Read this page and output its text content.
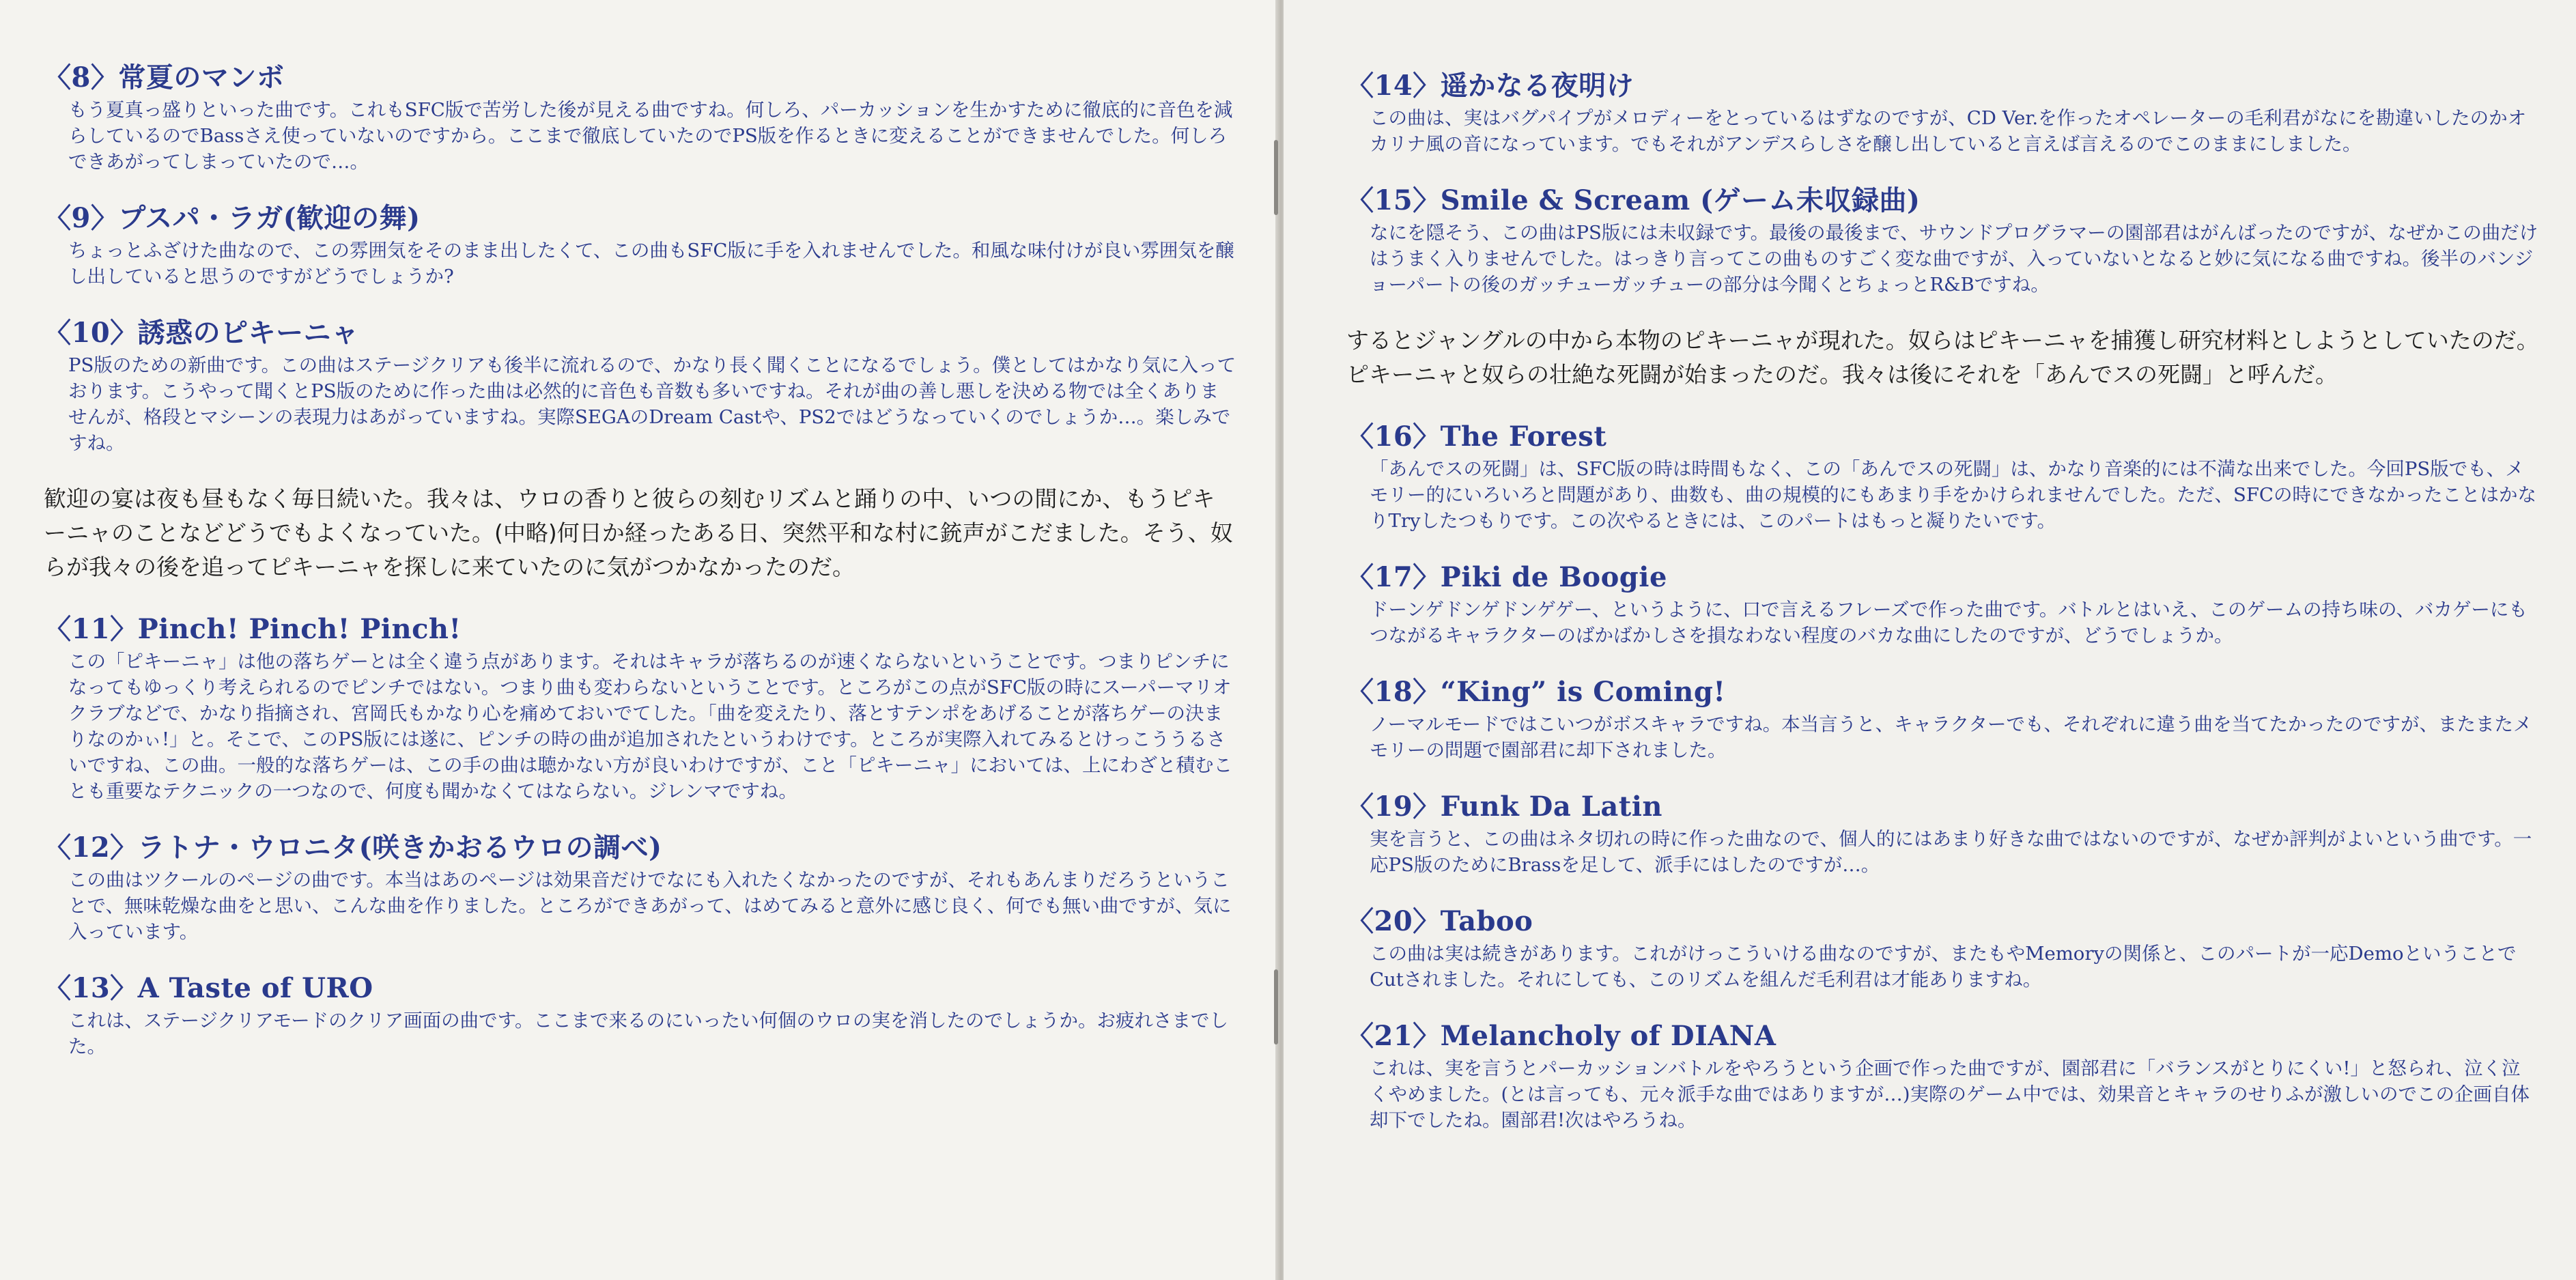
〈8〉常夏のマンボ

もう夏真っ盛りといった曲です。これもSFC版で苦労した後が見える曲ですね。何しろ、パーカッションを生かすために徹底的に音色を減らしているのでBassさえ使っていないのですから。ここまで徹底していたのでPS版を作るときに変えることができませんでした。何しろできあがってしまっていたので…。

〈9〉プスパ・ラガ(歓迎の舞)

ちょっとふざけた曲なので、この雰囲気をそのまま出したくて、この曲もSFC版に手を入れませんでした。和風な味付けが良い雰囲気を醸し出していると思うのですがどうでしょうか?

〈10〉誘惑のピキーニャ

PS版のための新曲です。この曲はステージクリアも後半に流れるので、かなり長く聞くことになるでしょう。僕としてはかなり気に入っております。こうやって聞くとPS版のために作った曲は必然的に音色も音数も多いですね。それが曲の善し悪しを決める物では全くありませんが、格段とマシーンの表現力はあがっていますね。実際SEGAのDream Castや、PS2ではどうなっていくのでしょうか…。楽しみですね。

歓迎の宴は夜も昼もなく毎日続いた。我々は、ウロの香りと彼らの刻むリズムと踊りの中、いつの間にか、もうピキーニャのことなどどうでもよくなっていた。(中略)何日か経ったある日、突然平和な村に銃声がこだました。そう、奴らが我々の後を追ってピキーニャを探しに来ていたのに気がつかなかったのだ。

〈11〉Pinch! Pinch! Pinch!

この「ピキーニャ」は他の落ちゲーとは全く違う点があります。それはキャラが落ちるのが速くならないということです。つまりピンチになってもゆっくり考えられるのでピンチではない。つまり曲も変わらないということです。ところがこの点がSFC版の時にスーパーマリオクラブなどで、かなり指摘され、宮岡氏もかなり心を痛めておいでてした。「曲を変えたり、落とすテンポをあげることが落ちゲーの決まりなのかぃ!」と。そこで、このPS版には遂に、ピンチの時の曲が追加されたというわけです。ところが実際入れてみるとけっこううるさいですね、この曲。一般的な落ちゲーは、この手の曲は聴かない方が良いわけですが、こと「ピキーニャ」においては、上にわざと積むことも重要なテクニックの一つなので、何度も聞かなくてはならない。ジレンマですね。

〈12〉ラトナ・ウロニタ(咲きかおるウロの調べ)

この曲はツクールのページの曲です。本当はあのページは効果音だけでなにも入れたくなかったのですが、それもあんまりだろうということで、無味乾燥な曲をと思い、こんな曲を作りました。ところができあがって、はめてみると意外に感じ良く、何でも無い曲ですが、気に入っています。

〈13〉A Taste of URO

これは、ステージクリアモードのクリア画面の曲です。ここまで来るのにいったい何個のウロの実を消したのでしょうか。お疲れさまでした。

〈14〉遥かなる夜明け

この曲は、実はバグパイプがメロディーをとっているはずなのですが、CD Ver.を作ったオペレーターの毛利君がなにを勘違いしたのかオカリナ風の音になっています。でもそれがアンデスらしさを醸し出していると言えば言えるのでこのままにしました。

〈15〉Smile & Scream (ゲーム未収録曲)

なにを隠そう、この曲はPS版には未収録です。最後の最後まで、サウンドプログラマーの園部君はがんばったのですが、なぜかこの曲だけはうまく入りませんでした。はっきり言ってこの曲ものすごく変な曲ですが、入っていないとなると妙に気になる曲ですね。後半のバンジョーパートの後のガッチューガッチューの部分は今聞くとちょっとR&Bですね。

するとジャングルの中から本物のピキーニャが現れた。奴らはピキーニャを捕獲し研究材料としようとしていたのだ。ピキーニャと奴らの壮絶な死闘が始まったのだ。我々は後にそれを「あんでスの死闘」と呼んだ。

〈16〉The Forest

「あんでスの死闘」は、SFC版の時は時間もなく、この「あんでスの死闘」は、かなり音楽的には不満な出来でした。今回PS版でも、メモリー的にいろいろと問題があり、曲数も、曲の規模的にもあまり手をかけられませんでした。ただ、SFCの時にできなかったことはかなりTryしたつもりです。この次やるときには、このパートはもっと凝りたいです。

〈17〉Piki de Boogie

ドーンゲドンゲドンゲゲー、というように、口で言えるフレーズで作った曲です。バトルとはいえ、このゲームの持ち味の、バカゲーにもつながるキャラクターのばかばかしさを損なわない程度のバカな曲にしたのですが、どうでしょうか。

〈18〉“King” is Coming!

ノーマルモードではこいつがボスキャラですね。本当言うと、キャラクターでも、それぞれに違う曲を当てたかったのですが、またまたメモリーの問題で園部君に却下されました。

〈19〉Funk Da Latin

実を言うと、この曲はネタ切れの時に作った曲なので、個人的にはあまり好きな曲ではないのですが、なぜか評判がよいという曲です。一応PS版のためにBrassを足して、派手にはしたのですが…。

〈20〉Taboo

この曲は実は続きがあります。これがけっこういける曲なのですが、またもやMemoryの関係と、このパートが一応Demoということで Cutされました。それにしても、このリズムを組んだ毛利君は才能ありますね。

〈21〉Melancholy of DIANA

これは、実を言うとパーカッションバトルをやろうという企画で作った曲ですが、園部君に「バランスがとりにくい!」と怒られ、泣く泣くやめました。(とは言っても、元々派手な曲ではありますが…)実際のゲーム中では、効果音とキャラのせりふが激しいのでこの企画自体却下でしたね。園部君!次はやろうね。
